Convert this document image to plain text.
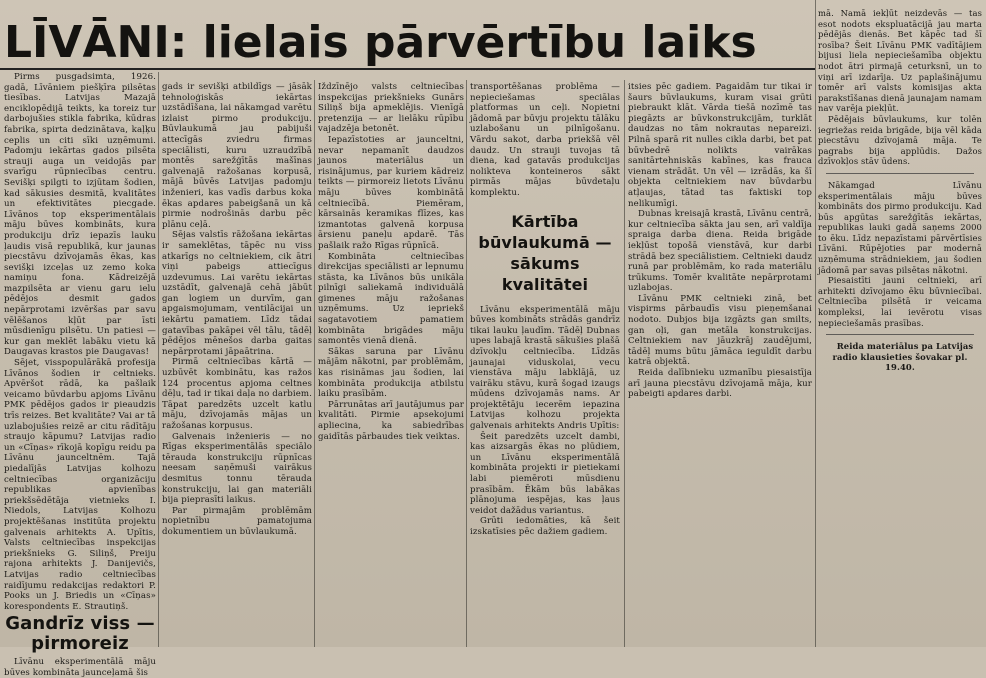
LĪVĀNI: lielais pārvērtību laiks

Pirms pusgadsimta, 1926. gadā, Līvāniem piešķīra pilsētas tiesības. Latvijas Mazajā enciklopēdijā teikts, ka toreiz tur darbojušies stikla fabrika, kūdras fabrika, spirta dedzinātava, kaļķu ceplis un citi sīki uzņēmumi. Padomju iekārtas gados pilsēta strauji auga un veidojās par svarīgu rūpniecības centru. Sevišķi spilgti to izjūtam šodien, kad sākusies desmitā, kvalitātes un efektivitātes piecgade. Līvānos top eksperimentālais māju būves kombināts, kura produkciju drīz iepazīs lauku ļaudis visā republikā, kur jaunas piecstāvu dzīvojamās ēkas, kas sevišķi izceļas uz zemo koka namiņu fona. Kādreizējā mazpilsēta ar vienu garu ielu pēdējos desmit gados nepārprotami izvēršas par savu vēlēšanos kļūt par īsti mūsdienīgu pilsētu. Un patiesi — kur gan meklēt labāku vietu kā Daugavas krastos pie Daugavas!

Sējet, visspopulārākā profesija Līvānos šodien ir celtnieks. Apvēršot rādā, ka pašlaik veicamo būvdarbu apjoms Līvānu PMK pēdējos gados ir pieaudzis trīs reizes. Bet kvalitāte? Vai ar tā uzlabojušies reizē ar citu rādītāju straujo kāpumu? Latvijas radio un «Cīņas» rīkojā kopīgu reidu pa Līvānu jaunceltnēm. Tajā piedalījās Latvijas kolhozu celtniecības organizāciju republikas apvienības priekšsēdētāja vietnieks I. Niedols, Latvijas Kolhozu projektēšanas institūta projektu galvenais arhitekts A. Upītis, Valsts celtniecības inspekcijas priekšnieks G. Siliņš, Preiju rajona arhitekts J. Danijevičs, Latvijas radio celtniecības raidījumu redakcijas redaktori P. Pooks un J. Briedis un «Cīņas» korespondents E. Strautiņš.

Gandrīz viss — pirmoreiz

Līvānu eksperimentālā māju būves kombināta jaunceļamā šis

gads ir sevišķi atbildīgs — jāsāk tehnoloģiskās iekārtas uzstādīšana, lai nākamgad varētu izlaist pirmo produkciju. Būvlaukumā jau pabijuši attecīgās zviedru firmas speciālisti, kuru uzraudzībā montēs sarežģītās mašīnas galvenajā ražošanas korpusā, mājā būvēs Latvijas padomju inženieri, kas vadīs darbus koka ēkas apdares pabeigšanā un kā pirmie nodrošinās darbu pēc plānu ceļā.

Sējas valstīs rāžošana iekārtas ir sameklētas, tāpēc nu viss atkarīgs no celtniekiem, cik ātri viņi pabeigs attiecīgus uzdevumus. Lai varētu iekārtas uzstādīt, galvenajā cehā jābūt gan logiem un durvīm, gan apgaismojumam, ventilācijai un iekārtu pamatiem. Līdz tādai gatavības pakāpei vēl tālu, tādēļ pēdējos mēnešos darba gaitas nepārprotami jāpaātrina.

Pirmā celtniecības kārtā — uzbūvēt kombinātu, kas ražos 124 procentus apjoma celtnes dēļu, tad ir tikai daļa no darbiem. Tāpat paredzēts uzcelt katlu māju, dzīvojamās mājas un ražošanas korpusus.

Galvenais inženieris — no Rīgas eksperimentālās speciālo tērauda konstrukciju rūpnīcas neesam saņēmuši vairākus desmitus tonnu tērauda konstrukciju, lai gan materiāli bija pieprasīti laikus.

Par pirmajām problēmām nopietnību pamatojuma dokumentiem un būvlaukumā.

Iždzīnējo valsts celtniecības inspekcijas priekšnieks Gunārs Siliņš bija apmeklējis. Vienīgā pretenzija — ar lielāku rūpību vajadzēja betonēt.

Iepazīstoties ar jaunceltni, nevar nepamanīt daudzos jaunos materiālus un risinājumus, par kuriem kādreiz teikts — pirmoreiz lietots Līvānu māju būves kombinātā celtniecībā. Piemēram, kārsainās keramikas flīzes, kas izmantotas galvenā korpusa ārsienu paneļu apdarē. Tās pašlaik ražo Rīgas rūpnīcā.

Kombināta celtniecības direkcijas speciālisti ar lepnumu stāsta, ka Līvānos būs unikāla pilnīgi saliekamā individuālā gimenes māju ražošanas uzņēmums. Uz iepriekš sagatavotiem pamatiem kombināta brigādes māju samontēs vienā dienā.

Sākas saruna par Līvānu mājām nākotni, par problēmām, kas risināmas jau šodien, lai kombināta produkcija atbilstu laiku prasībām.

Pārrunātas arī jautājumus par kvalitāti. Pirmie apsekojumi apliecina, ka sabiedrības gaidītās pārbaudes tiek veiktas.

transportēšanas problēma — nepieciešamas speciālas platformas un ceļi. Nopietni jādomā par būvju projektu tālāku uzlabošanu un pilnīgošanu. Vārdu sakot, darba priekšā vēl daudz. Un strauji tuvojas tā diena, kad gatavās produkcijas nolikteva konteineros sākt pirmās mājas būvdetaļu komplektu.

Kārtība būvlaukumā — sākums kvalitātei

Līvānu eksperimentālā māju būves kombināts strādās gandrīz tikai lauku ļaudīm. Tādēļ Dubnas upes labajā krastā sākušies plašā dzīvokļu celtniecība. Līdzās jaunajai viduskolai, vecu vienstāva māju labklājā, uz vairāku stāvu, kurā šogad izaugs mūdens dzīvojamās nams. Ar projektētāju iecerēm iepazina Latvijas kolhozu projekta galvenais arhitekts Andris Upītis:

Šeit paredzēts uzcelt dambi, kas aizsargās ēkas no plūdiem, un Līvānu eksperimentālā kombināta projekti ir pietiekami labi piemēroti mūsdienu prasībām. Ēkām būs labākas plānojuma iespējas, kas ļaus veidot dažādus variantus.

Grūti iedomāties, kā šeit izskatīsies pēc dažiem gadiem.

itsies pēc gadiem. Pagaidām tur tikai ir šaurs būvlaukums, kuram visai grūti piebraukt klāt. Vārda tiešā nozīmē tas piegāzts ar būvkonstrukcijām, turklāt daudzas no tām nokrautas nepareizi. Pilnā sparā rit nulles cikla darbi, bet pat būvbedrē nolikts vairākas sanitārtehniskās kabīnes, kas frauca vienam strādāt. Un vēl — izrādās, ka šī objekta celtniekiem nav būvdarbu atļaujas, tātad tas faktiski top nelikumīgi.

Dubnas kreisajā krastā, Līvānu centrā, kur celtniecība sākta jau sen, arī valdīja spraiga darba diena. Reida brigāde iekļūst topošā vienstāvā, kur darbi strādā bez speciālistiem. Celtnieki daudz runā par problēmām, ko rada materiālu trūkums. Tomēr kvalitāte nepārprotami uzlabojas.

Līvānu PMK celtnieki zinā, bet vispirms pārbaudīs visu pieņemšanai nodoto. Dubjos bija izgāzts gan smilts, gan oļi, gan metāla konstrukcijas. Celtniekiem nav jāuzkrāj zaudējumi, tādēļ mums būtu jāmāca ieguldīt darbu katrā objektā.

Reida dalībnieku uzmanību piesaistīja arī jauna piecstāvu dzīvojamā māja, kur pabeigti apdares darbi.

mā. Namā iekļūt neizdevās — tas esot nodots ekspluatācijā jau marta pēdējās dienās. Bet kāpēc tad šī rosība? Šeit Līvānu PMK vadītājiem bijusi liela nepieciešamība objektu nodot ātri pirmajā ceturksnī, un to viņi arī izdarīja. Uz paplašinājumu tomēr arī valsts komisijas akta parakstīšanas dienā jaunajam namam nav varēja piekļūt.

Pēdējais būvlaukums, kur tolēn iegriežas reida brigāde, bija vēl kāda piecstāvu dzīvojamā māja. Te pagrabs bija applūdis. Dažos dzīvokļos stāv ūdens.

Nākamgad Līvānu eksperimentālais māju būves kombināts dos pirmo produkciju. Kad būs apgūtas sarežģītās iekārtas, republikas lauki gadā saņems 2000 to ēku. Līdz nepazīstami pārvērtīsies Līvāni. Rūpējoties par modernā uzņēmuma strādniekiem, jau šodien jādomā par savas pilsētas nākotni.

Piesaistīti jauni celtnieki, arī arhitekti dzīvojamo ēku būvniecībai. Celtniecība pilsētā ir veicama kompleksi, lai ievērotu visas nepieciešamās prasības.

Reida materiālus pa Latvijas radio klausieties šovakar pl. 19.40.
